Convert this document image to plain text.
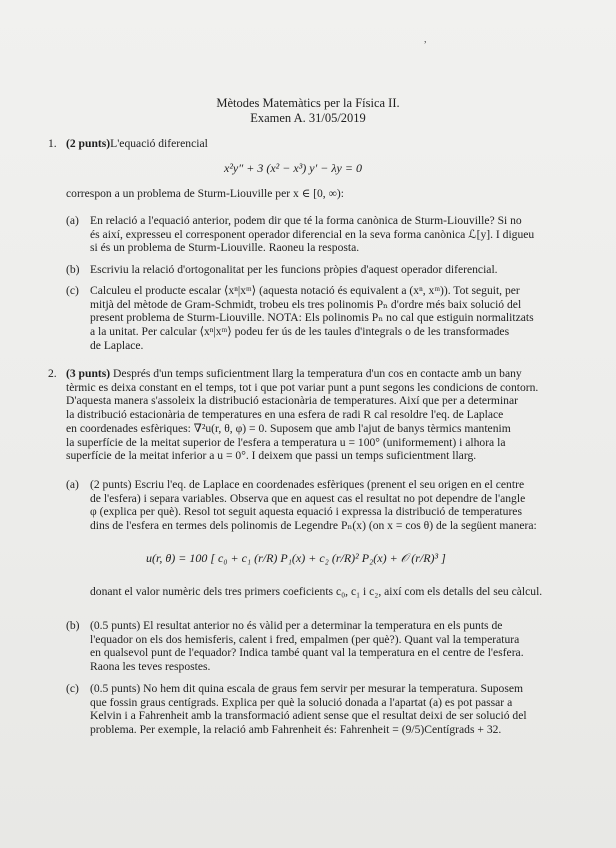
,
Mètodes Matemàtics per la Física II.
Examen A. 31/05/2019
1. (2 punts)L'equació diferencial
x²y″ + 3 (x² − x³) y′ − λy = 0
correspon a un problema de Sturm-Liouville per x ∈ [0, ∞):
(a) En relació a l'equació anterior, podem dir que té la forma canònica de Sturm-Liouville? Si no
és així, expresseu el corresponent operador diferencial en la seva forma canònica ℒ[y]. I digueu
si és un problema de Sturm-Liouville. Raoneu la resposta.
(b) Escriviu la relació d'ortogonalitat per les funcions pròpies d'aquest operador diferencial.
(c) Calculeu el producte escalar ⟨xⁿ|xᵐ⟩ (aquesta notació és equivalent a (xⁿ, xᵐ)). Tot seguit, per
mitjà del mètode de Gram-Schmidt, trobeu els tres polinomis Pₙ d'ordre més baix solució del
present problema de Sturm-Liouville. NOTA: Els polinomis Pₙ no cal que estiguin normalitzats
a la unitat. Per calcular ⟨xⁿ|xᵐ⟩ podeu fer ús de les taules d'integrals o de les transformades
de Laplace.
2. (3 punts) Després d'un temps suficientment llarg la temperatura d'un cos en contacte amb un bany
tèrmic es deixa constant en el temps, tot i que pot variar punt a punt segons les condicions de contorn.
D'aquesta manera s'assoleix la distribució estacionària de temperatures. Així que per a determinar
la distribució estacionària de temperatures en una esfera de radi R cal resoldre l'eq. de Laplace
en coordenades esfèriques: ∇²u(r, θ, φ) = 0. Suposem que amb l'ajut de banys tèrmics mantenim
la superfície de la meitat superior de l'esfera a temperatura u = 100° (uniformement) i alhora la
superfície de la meitat inferior a u = 0°. I deixem que passi un temps suficientment llarg.
(a) (2 punts) Escriu l'eq. de Laplace en coordenades esfèriques (prenent el seu origen en el centre
de l'esfera) i separa variables. Observa que en aquest cas el resultat no pot dependre de l'angle
φ (explica per què). Resol tot seguit aquesta equació i expressa la distribució de temperatures
dins de l'esfera en termes dels polinomis de Legendre Pₙ(x) (on x = cos θ) de la següent manera:
u(r, θ) = 100 [ c₀ + c₁ (r/R) P₁(x) + c₂ (r/R)² P₂(x) + 𝒪 (r/R)³ ]
donant el valor numèric dels tres primers coeficients c₀, c₁ i c₂, així com els detalls del seu càlcul.
(b) (0.5 punts) El resultat anterior no és vàlid per a determinar la temperatura en els punts de
l'equador on els dos hemisferis, calent i fred, empalmen (per què?). Quant val la temperatura
en qualsevol punt de l'equador? Indica també quant val la temperatura en el centre de l'esfera.
Raona les teves respostes.
(c) (0.5 punts) No hem dit quina escala de graus fem servir per mesurar la temperatura. Suposem
que fossin graus centígrads. Explica per què la solució donada a l'apartat (a) es pot passar a
Kelvin i a Fahrenheit amb la transformació adient sense que el resultat deixi de ser solució del
problema. Per exemple, la relació amb Fahrenheit és: Fahrenheit = (9/5)Centígrads + 32.
